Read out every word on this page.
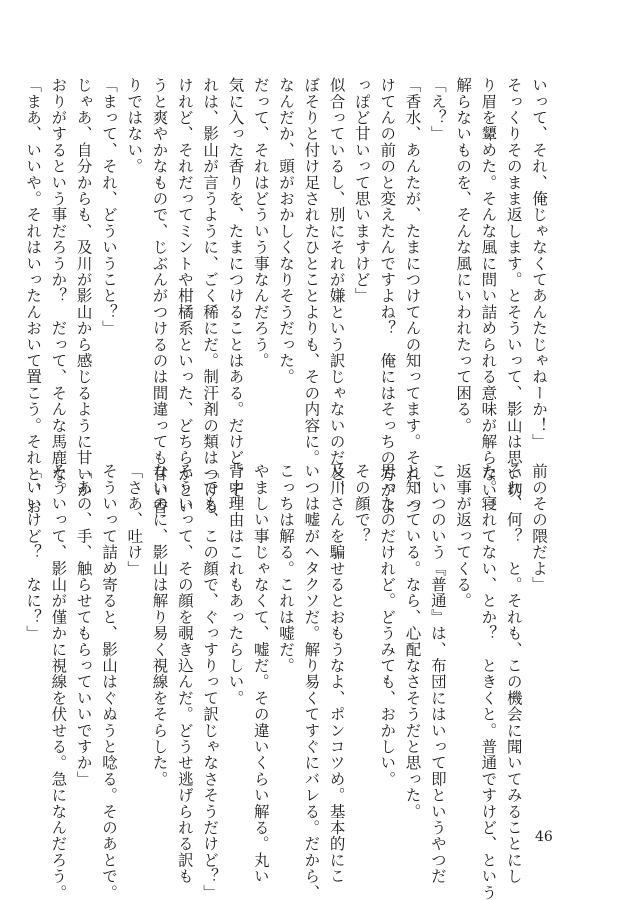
いって、それ、俺じゃなくてあんたじゃねーか！」

そっくりそのまま返します。とそういって、影山は思い切

り眉を顰めた。そんな風に問い詰められる意味が解らない。

解らないものを、そんな風にいわれたって困る。

「え？」

「香水、あんたが、たまにつけてんの知ってます。それ、つ

けてんの前のと変えたんですよね？　俺にはそっちの方がよ

っぽど甘いって思いますけど」

似合っているし、別にそれが嫌という訳じゃないのだと、

ぼそりと付け足されたひとことよりも、その内容に。

なんだか、頭がおかしくなりそうだった。

だって、それはどういう事なんだろう。

気に入った香りを、たまにつけることはある。だけど、そ

れは、影山が言うように、ごく稀にだ。制汗剤の類はつける

けれど、それだってミントや柑橘系といった、どちらかとい

うと爽やかなもので、じぶんがつけるのは間違っても甘い香

りではない。

「まって、それ、どういうこと？」

じゃあ、自分からも、及川が影山から感じるように甘いか

おりがするという事だろうか？　だって、そんな馬鹿な。

「まあ、いいや。それはいったんおいて置こう。それと、お

前のその隈だよ」

それ、何？　と。それも、この機会に聞いてみることにし

た。寝れてない、とか？　ときくと。普通ですけど、という

返事が返ってくる。

こいつのいう『普通』は、布団にはいって即というやつだ

と知っている。なら、心配なさそうだと思った。

思ったのだけれど。どうみても、おかしい。

その顔で？

及川さんを騙せるとおもうなよ、ポンコツめ。基本的にこ

いつは嘘がヘタクソだ。解り易くてすぐにバレる。だから、

こっちは解る。これは嘘だ。

やましい事じゃなくて、嘘だ。その違いくらい解る。丸い

背中理由はこれもあったらしい。

「でも、この顔で、ぐっすりって訳じゃなさそうだけど？」

そういって、その顔を覗き込んだ。どうせ逃げられる訳も

ないのに、影山は解り易く視線をそらした。

「さあ、吐け」

そういって詰め寄ると、影山はぐぬうと唸る。そのあとで。

「あの、手、触らせてもらっていいですか」

そういって、影山が僅かに視線を伏せる。急になんだろう。

「いいけど？　なに？」

46
